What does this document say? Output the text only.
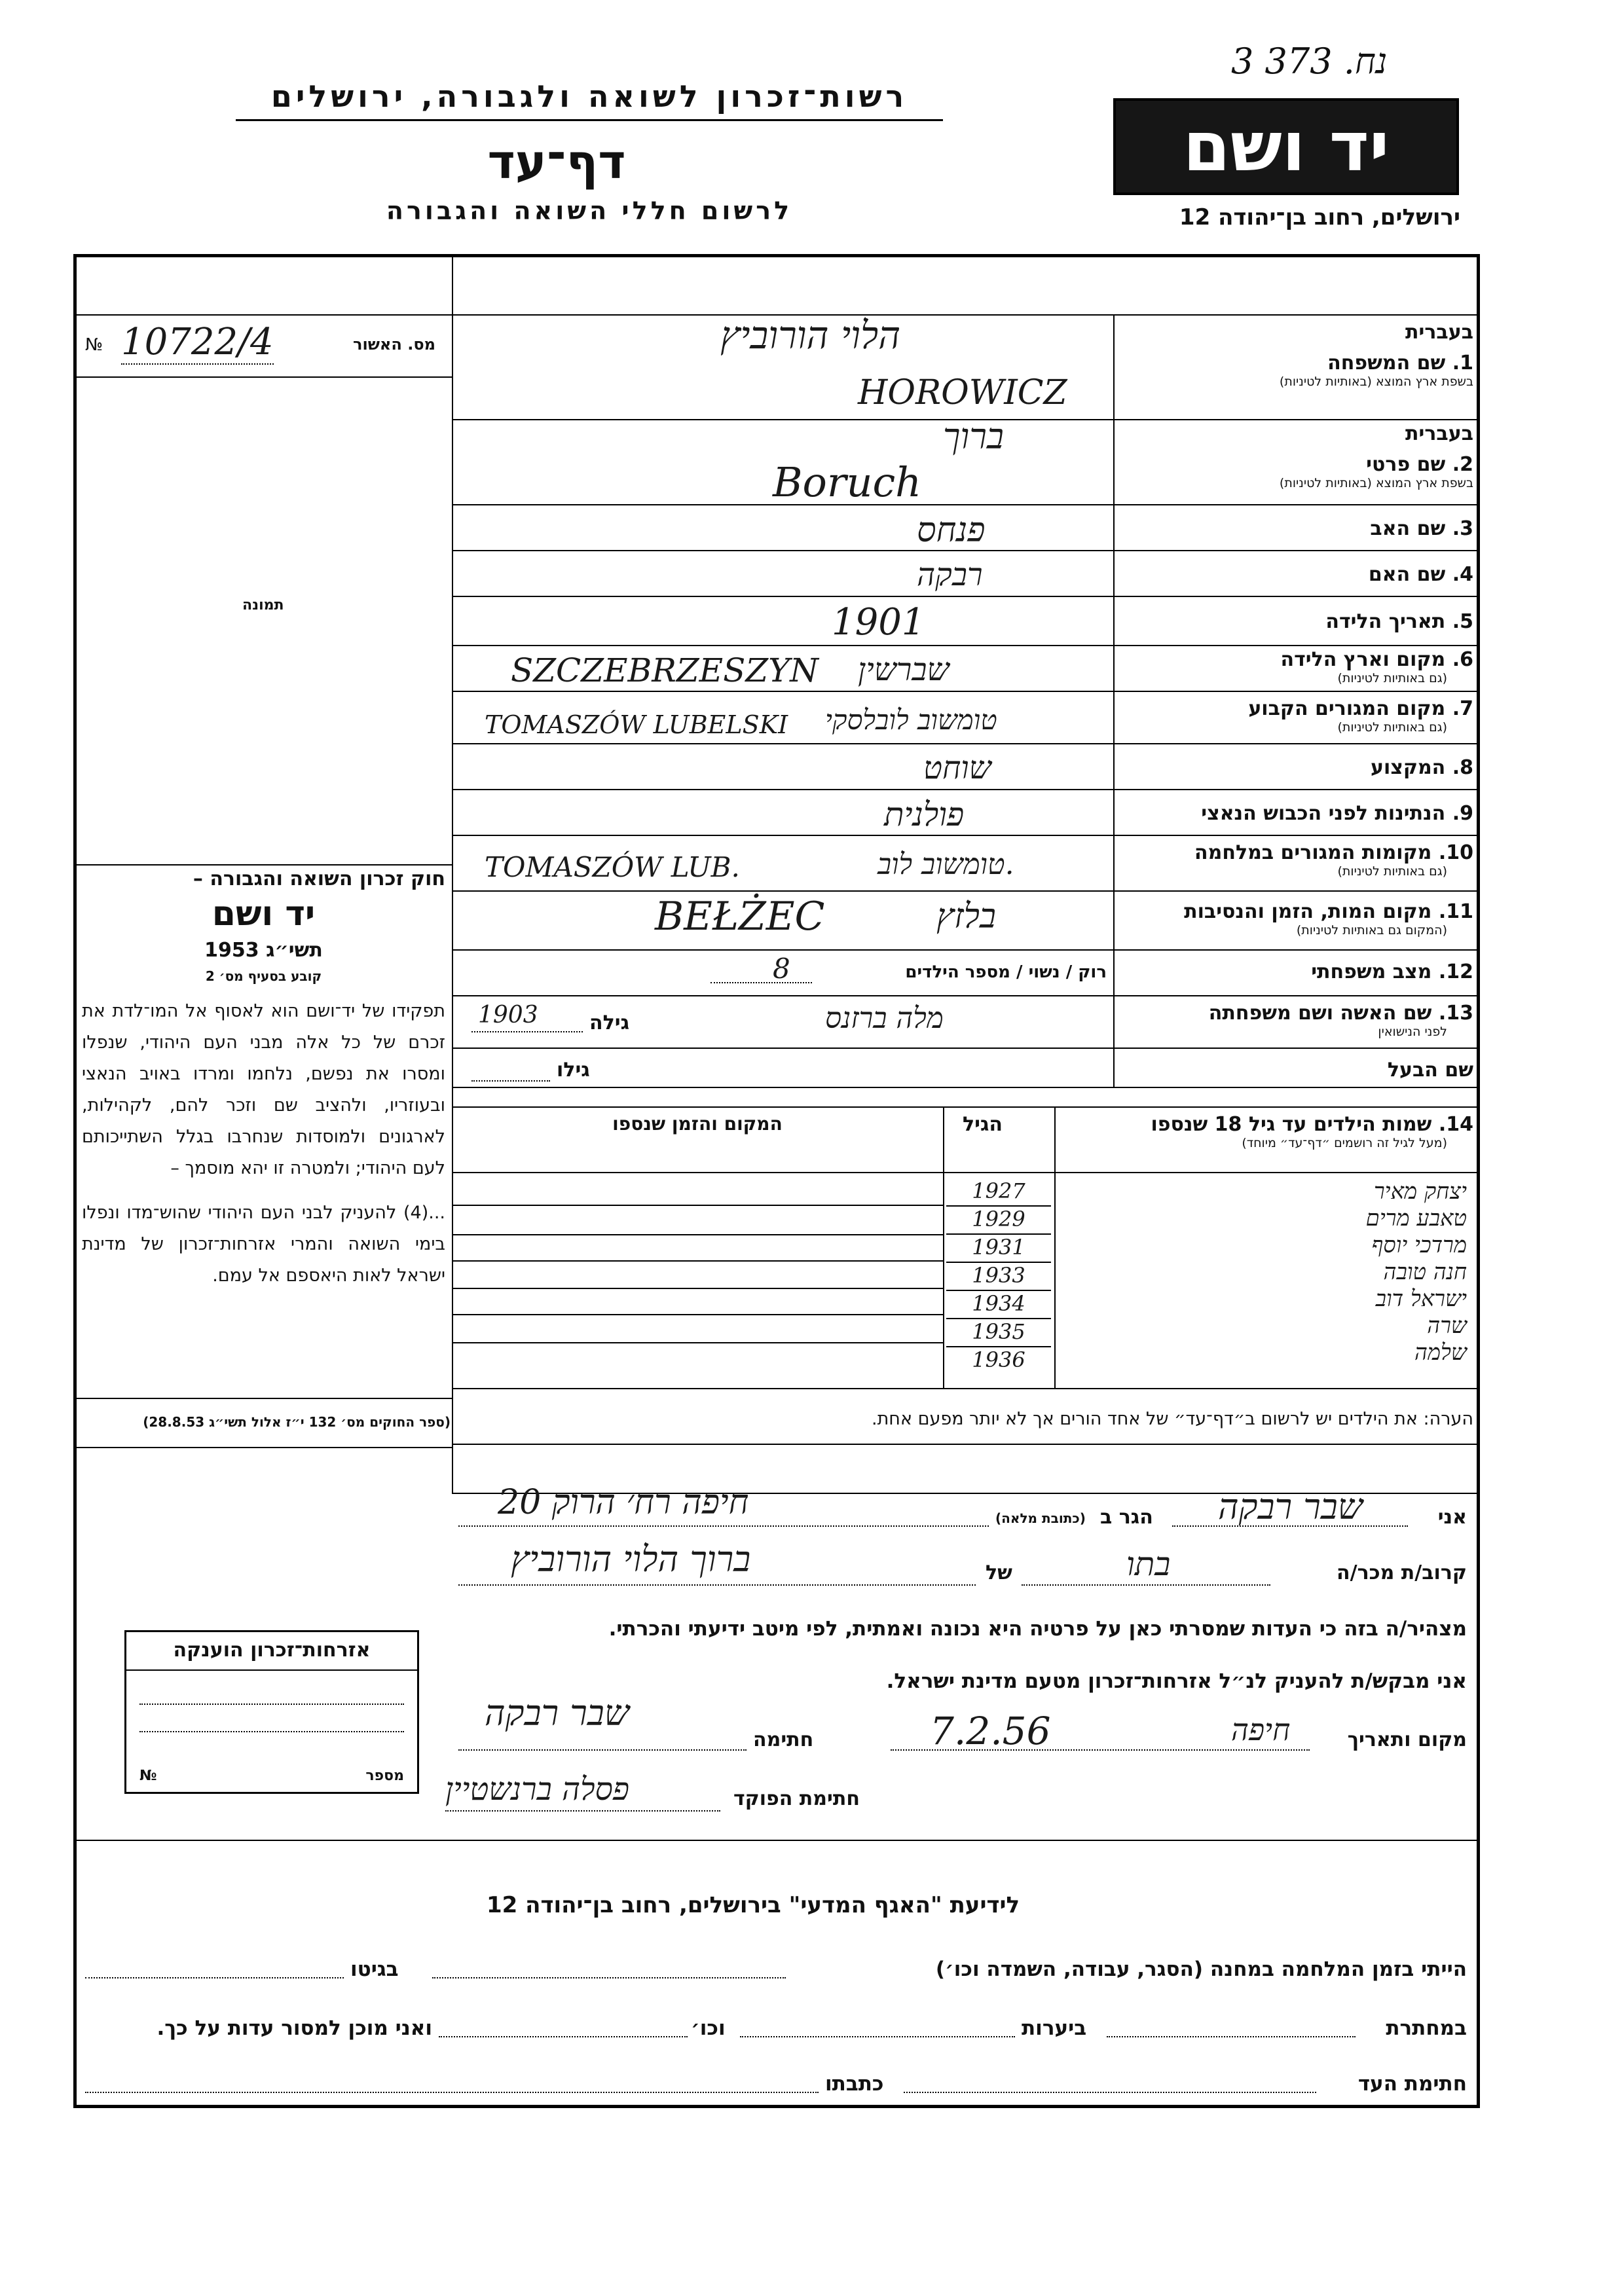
3 נח. 373
רשות־זכרון לשואה ולגבורה, ירושלים
דף־עד
לרשום חללי השואה והגבורה
יד ושם
ירושלים, רחוב בן־יהודה 12
מס. האשור
№ 10722/4
תמונה
בעברית
1. שם המשפחה
בשפת ארץ המוצא (באותיות לטיניות)
הלוי הורוביץ
HOROWICZ
בעברית
2. שם פרטי
בשפת ארץ המוצא (באותיות לטיניות)
ברוך
Boruch
3. שם האב
פנחס
4. שם האם
רבקה
5. תאריך הלידה
1901
6. מקום וארץ הלידה
(גם באותיות לטיניות)
שברשין
SZCZEBRZESZYN
7. מקום המגורים הקבוע
(גם באותיות לטיניות)
טומשוב לובלסקי
TOMASZÓW LUBELSKI
8. המקצוע
שוחט
9. הנתינות לפני הכבוש הנאצי
פולנית
10. מקומות המגורים במלחמה
(גם באותיות לטיניות)
טומשוב לוב.
TOMASZÓW LUB.
11. מקום המות, הזמן והנסיבות
(המקום גם באותיות לטיניות)
בלזץ
BEŁŻEC
12. מצב משפחתי
רוק / נשוי / מספר הילדים
8
13. שם האשה ושם משפחתה
לפני הנישואין
מלה ברזנס
גילה
1903
שם הבעל
גילו
14. שמות הילדים עד גיל 18 שנספו
(מעל לגיל זה רושמים ״דף־עד״ מיוחד)
הגיל
המקום והזמן שנספו
יצחק מאיר
טאבע מרים
מרדכי יוסף
חנה טובה
ישראל דוב
שרה
שלמה
1927
1929
1931
1933
1934
1935
1936
חוק זכרון השואה והגבורה –
יד ושם
תשי״ג 1953
קובע בסעיף מס׳ 2
תפקידו של יד־ושם הוא לאסוף אל המו־לדת את זכרם של כל אלה מבני העם היהודי, שנפלו ומסרו את נפשם, נלחמו ומרדו באויב הנאצי ובעוזריו, ולהציב שם וזכר להם, לקהילות, לארגונים ולמוסדות שנחרבו בגלל השתייכותם לעם היהודי; ולמטרה זו יהא מוסמך –
...(4) להעניק לבני העם היהודי שהוש־מדו ונפלו בימי השואה והמרי אזרחות־זכרון של מדינת ישראל לאות היאספם אל עמם.
(ספר החוקים מס׳ 132 י״ז אלול תשי״ג 28.8.53)	הערה: את הילדים יש לרשום ב״דף־עד״ של אחד הורים אך לא יותר מפעם אחת.
אני
שבר רבקה
הגר ב
(כתובת מלאה)
חיפה רח׳ הרוק 20
קרוב/ת מכר/ה
בתו
של
ברוך הלוי הורוביץ
מצהיר/ה בזה כי העדות שמסרתי כאן על פרטיה היא נכונה ואמתית, לפי מיטב ידיעתי והכרתי.
אני מבקש/ת להעניק לנ״ל אזרחות־זכרון מטעם מדינת ישראל.
מקום ותאריך
חיפה
7.2.56
חתימה
שבר רבקה
חתימת הפוקד
פסלה ברנשטיין
אזרחות־זכרון הוענקה
מספר
№
לידיעת "האגף המדעי" בירושלים, רחוב בן־יהודה 12
הייתי בזמן המלחמה במחנה (הסגר, עבודה, השמדה וכו׳)
בגיטו
במחתרת
ביערות
וכו׳
ואני מוכן למסור עדות על כך.
חתימת העד
כתבתו
